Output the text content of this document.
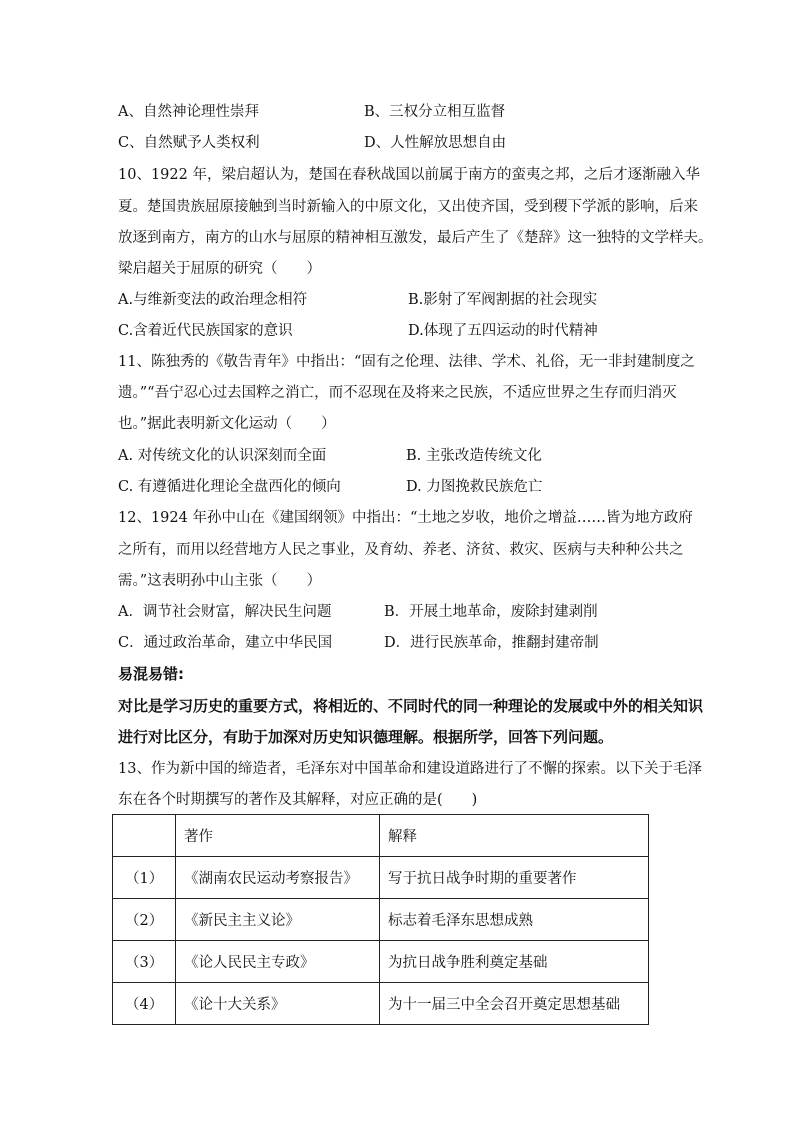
A、自然神论理性崇拜	B、三权分立相互监督
C、自然赋予人类权利	D、人性解放思想自由
10、1922 年，梁启超认为，楚国在春秋战国以前属于南方的蛮夷之邦，之后才逐渐融入华
夏。楚国贵族屈原接触到当时新输入的中原文化，又出使齐国，受到稷下学派的影响，后来
放逐到南方，南方的山水与屈原的精神相互激发，最后产生了《楚辞》这一独特的文学样夫。
梁启超关于屈原的研究（　　）
A.与维新变法的政治理念相符	B.影射了军阀割据的社会现实
C.含着近代民族国家的意识	D.体现了五四运动的时代精神
11、陈独秀的《敬告青年》中指出：“固有之伦理、法律、学术、礼俗，无一非封建制度之
遗。”“吾宁忍心过去国粹之消亡，而不忍现在及将来之民族，不适应世界之生存而归消灭
也。”据此表明新文化运动（　　）
A. 对传统文化的认识深刻而全面	B. 主张改造传统文化
C. 有遵循进化理论全盘西化的倾向	D. 力图挽救民族危亡
12、1924 年孙中山在《建国纲领》中指出：“土地之岁收，地价之增益……皆为地方政府
之所有，而用以经营地方人民之事业，及育幼、养老、济贫、救灾、医病与夫种种公共之
需。”这表明孙中山主张（　　）
A．调节社会财富，解决民生问题	B．开展土地革命，废除封建剥削
C．通过政治革命，建立中华民国	D．进行民族革命，推翻封建帝制
易混易错:
对比是学习历史的重要方式，将相近的、不同时代的同一种理论的发展或中外的相关知识
进行对比区分，有助于加深对历史知识德理解。根据所学，回答下列问题。
13、作为新中国的缔造者，毛泽东对中国革命和建设道路进行了不懈的探索。以下关于毛泽
东在各个时期撰写的著作及其解释，对应正确的是(　　)
	著作	解释
（1）	《湖南农民运动考察报告》	写于抗日战争时期的重要著作
（2）	《新民主主义论》	标志着毛泽东思想成熟
（3）	《论人民民主专政》	为抗日战争胜利奠定基础
（4）	《论十大关系》	为十一届三中全会召开奠定思想基础
